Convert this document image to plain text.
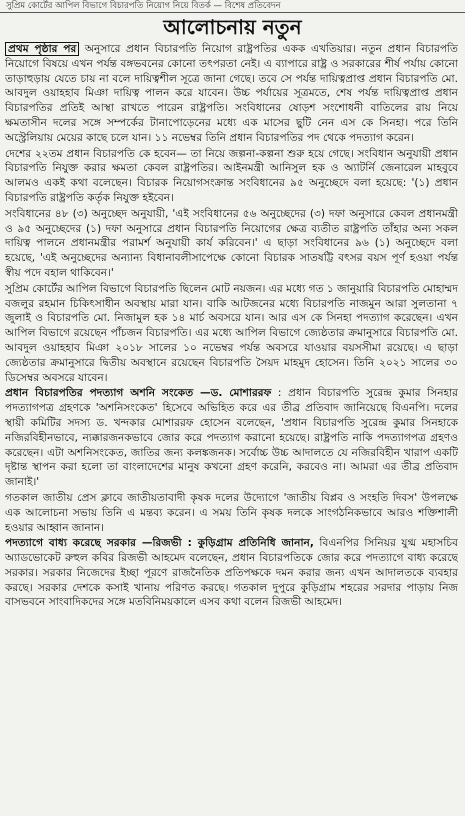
সুপ্রিম কোর্টের আপিল বিভাগে বিচারপতি নিয়োগ নিয়ে বিতর্ক — বিশেষ প্রতিবেদন
আলোচনায় নতুন

প্রথম পৃষ্ঠার পর অনুসারে প্রধান বিচারপতি নিয়োগ রাষ্ট্রপতির একক এখতিয়ার। নতুন প্রধান বিচারপতি নিয়োগে বিষয়ে এখন পর্যন্ত বঙ্গভবনের কোনো তৎপরতা নেই। এ ব্যাপারে রাষ্ট্র ও সরকারের শীর্ষ পর্যায় কোনো তাড়াহুড়ায় যেতে চায় না বলে দায়িত্বশীল সূত্রে জানা গেছে। তবে সে পর্যন্ত দায়িত্বপ্রাপ্ত প্রধান বিচারপতি মো. আবদুল ওয়াহহাব মিঞা দায়িত্ব পালন করে যাবেন। উচ্চ পর্যায়ের সূত্রমতে, শেষ পর্যন্ত দায়িত্বপ্রাপ্ত প্রধান বিচারপতির প্রতিই আস্থা রাখতে পারেন রাষ্ট্রপতি। সংবিধানের ষোড়শ সংশোধনী বাতিলের রায় নিয়ে ক্ষমতাসীন দলের সঙ্গে সম্পর্কের টানাপোড়েনের মধ্যে এক মাসের ছুটি নেন এস কে সিনহা। পরে তিনি অস্ট্রেলিয়ায় মেয়ের কাছে চলে যান। ১১ নভেম্বর তিনি প্রধান বিচারপতির পদ থেকে পদত্যাগ করেন।

দেশের ২২তম প্রধান বিচারপতি কে হবেন— তা নিয়ে জল্পনা-কল্পনা শুরু হয়ে গেছে। সংবিধান অনুযায়ী প্রধান বিচারপতি নিযুক্ত করার ক্ষমতা কেবল রাষ্ট্রপতির। আইনমন্ত্রী আনিসুল হক ও অ্যাটর্নি জেনারেল মাহবুবে আলমও একই কথা বলেছেন। বিচারক নিয়োগসংক্রান্ত সংবিধানের ৯৫ অনুচ্ছেদে বলা হয়েছে: '(১) প্রধান বিচারপতি রাষ্ট্রপতি কর্তৃক নিযুক্ত হইবেন।

সংবিধানের ৪৮ (৩) অনুচ্ছেদ অনুযায়ী, 'এই সংবিধানের ৫৬ অনুচ্ছেদের (৩) দফা অনুসারে কেবল প্রধানমন্ত্রী ও ৯৫ অনুচ্ছেদের (১) দফা অনুসারে প্রধান বিচারপতি নিয়োগের ক্ষেত্র ব্যতীত রাষ্ট্রপতি তাঁহার অন্য সকল দায়িত্ব পালনে প্রধানমন্ত্রীর পরামর্শ অনুযায়ী কার্য করিবেন।' এ ছাড়া সংবিধানের ৯৬ (১) অনুচ্ছেদে বলা হয়েছে, 'এই অনুচ্ছেদের অন্যান্য বিধানাবলীসাপেক্ষে কোনো বিচারক সাতষট্টি বৎসর বয়স পূর্ণ হওয়া পর্যন্ত স্বীয় পদে বহাল থাকিবেন।'

সুপ্রিম কোর্টের আপিল বিভাগে বিচারপতি ছিলেন মোট নয়জন। এর মধ্যে গত ১ জানুয়ারি বিচারপতি মোহাম্মদ বজলুর রহমান চিকিৎসাধীন অবস্থায় মারা যান। বাকি আটজনের মধ্যে বিচারপতি নাজমুন আরা সুলতানা ৭ জুলাই ও বিচারপতি মো. নিজামুল হক ১৪ মার্চ অবসরে যান। আর এস কে সিনহা পদত্যাগ করেছেন। এখন আপিল বিভাগে রয়েছেন পাঁচজন বিচারপতি। এর মধ্যে আপিল বিভাগে জ্যেষ্ঠতার ক্রমানুসারে বিচারপতি মো. আবদুল ওয়াহহাব মিঞা ২০১৮ সালের ১০ নভেম্বর পর্যন্ত অবসরে যাওয়ার বয়সসীমা রয়েছে। এ ছাড়া জ্যেষ্ঠতার ক্রমানুসারে দ্বিতীয় অবস্থানে রয়েছেন বিচারপতি সৈয়দ মাহমুদ হোসেন। তিনি ২০২১ সালের ৩০ ডিসেম্বর অবসরে যাবেন।

প্রধান বিচারপতির পদত্যাগ অশনি সংকেত —ড. মোশাররফ : প্রধান বিচারপতি সুরেন্দ্র কুমার সিনহার পদত্যাগপত্র গ্রহণকে 'অশনিসংকেত' হিসেবে অভিহিত করে এর তীব্র প্রতিবাদ জানিয়েছে বিএনপি। দলের স্থায়ী কমিটির সদস্য ড. খন্দকার মোশাররফ হোসেন বলেছেন, 'প্রধান বিচারপতি সুরেন্দ্র কুমার সিনহাকে নজিরবিহীনভাবে, ন্যক্কারজনকভাবে জোর করে পদত্যাগ করানো হয়েছে। রাষ্ট্রপতি নাকি পদত্যাগপত্র গ্রহণও করেছেন। এটা অশনিসংকেত, জাতির জন্য কলঙ্কজনক। সর্বোচ্চ উচ্চ আদালতে যে নজিরবিহীন খারাপ একটি দৃষ্টান্ত স্থাপন করা হলো তা বাংলাদেশের মানুষ কখনো গ্রহণ করেনি, করবেও না। আমরা এর তীব্র প্রতিবাদ জানাই।'

গতকাল জাতীয় প্রেস ক্লাবে জাতীয়তাবাদী কৃষক দলের উদ্যোগে 'জাতীয় বিপ্লব ও সংহতি দিবস' উপলক্ষে এক আলোচনা সভায় তিনি এ মন্তব্য করেন। এ সময় তিনি কৃষক দলকে সাংগঠনিকভাবে আরও শক্তিশালী হওয়ার আহ্বান জানান।

পদত্যাগে বাধ্য করেছে সরকার —রিজভী : কুড়িগ্রাম প্রতিনিধি জানান, বিএনপির সিনিয়র যুগ্ম মহাসচিব অ্যাডভোকেট রুহুল কবির রিজভী আহমেদ বলেছেন, প্রধান বিচারপতিকে জোর করে পদত্যাগে বাধ্য করেছে সরকার। সরকার নিজেদের ইচ্ছা পূরণে রাজনৈতিক প্রতিপক্ষকে দমন করার জন্য এখন আদালতকে ব্যবহার করছে। সরকার দেশকে কসাই খানায় পরিণত করছে। গতকাল দুপুরে কুড়িগ্রাম শহরের সরদার পাড়ায় নিজ বাসভবনে সাংবাদিকদের সঙ্গে মতবিনিময়কালে এসব কথা বলেন রিজভী আহমেদ।
